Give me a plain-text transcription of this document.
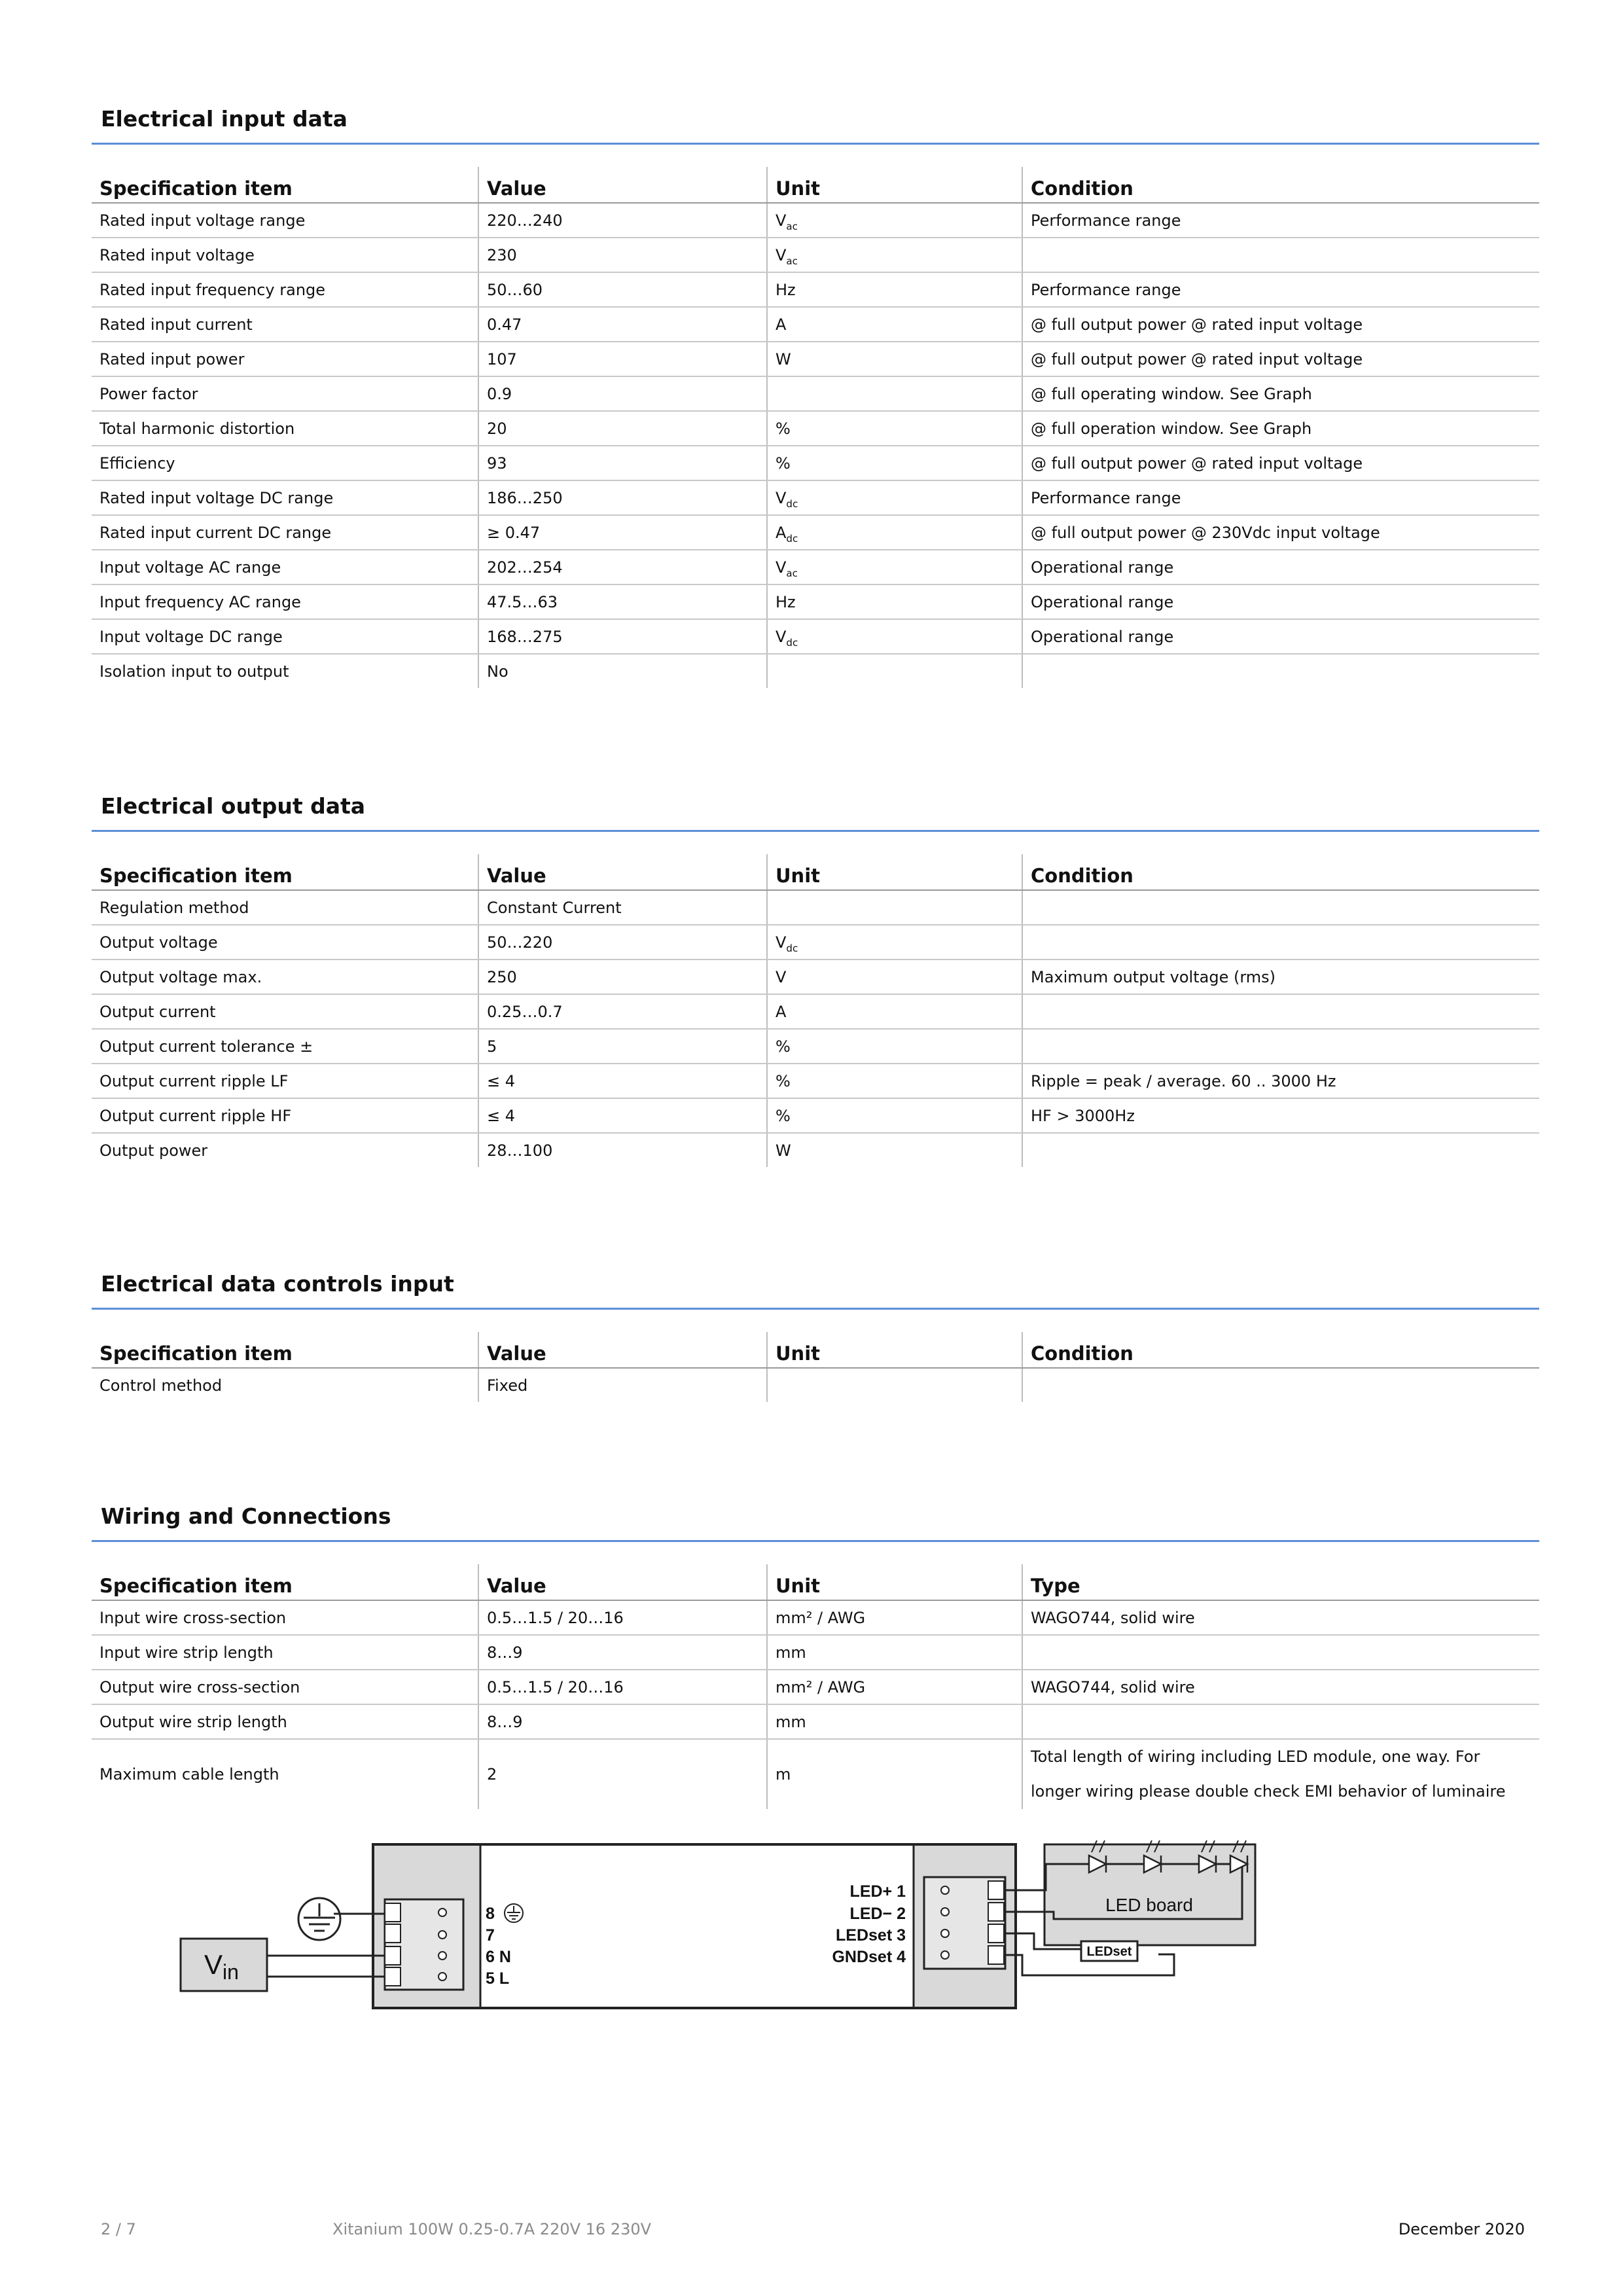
Electrical input data
Specification item	Value	Unit	Condition
Rated input voltage range	220…240	$V_{ac}$	Performance range
Rated input voltage	230	$V_{ac}$	
Rated input frequency range	50…60	Hz	Performance range
Rated input current	0.47	A	@ full output power @ rated input voltage
Rated input power	107	W	@ full output power @ rated input voltage
Power factor	0.9		@ full operating window. See Graph
Total harmonic distortion	20	%	@ full operation window. See Graph
Efficiency	93	%	@ full output power @ rated input voltage
Rated input voltage DC range	186…250	$V_{dc}$	Performance range
Rated input current DC range	≥ 0.47	$A_{dc}$	@ full output power @ 230Vdc input voltage
Input voltage AC range	202…254	$V_{ac}$	Operational range
Input frequency AC range	47.5…63	Hz	Operational range
Input voltage DC range	168…275	$V_{dc}$	Operational range
Isolation input to output	No		
Electrical output data
Specification item	Value	Unit	Condition
Regulation method	Constant Current		
Output voltage	50…220	$V_{dc}$	
Output voltage max.	250	V	Maximum output voltage (rms)
Output current	0.25…0.7	A	
Output current tolerance ±	5	%	
Output current ripple LF	≤ 4	%	Ripple = peak / average. 60 .. 3000 Hz
Output current ripple HF	≤ 4	%	HF > 3000Hz
Output power	28…100	W	
Electrical data controls input
Specification item	Value	Unit	Condition
Control method	Fixed		
Wiring and Connections
Specification item	Value	Unit	Type
Input wire cross-section	0.5…1.5 / 20…16	mm² / AWG	WAGO744, solid wire
Input wire strip length	8…9	mm	
Output wire cross-section	0.5…1.5 / 20…16	mm² / AWG	WAGO744, solid wire
Output wire strip length	8…9	mm	
Maximum cable length	2	m	Total length of wiring including LED module, one way. For longer wiring please double check EMI behavior of luminaire
8
7
6 N
5 L
Vin
LED+ 1
LED− 2
LEDset 3
GNDset 4
LED board
LEDset
2 / 7	Xitanium 100W 0.25-0.7A 220V 16 230V	December 2020
